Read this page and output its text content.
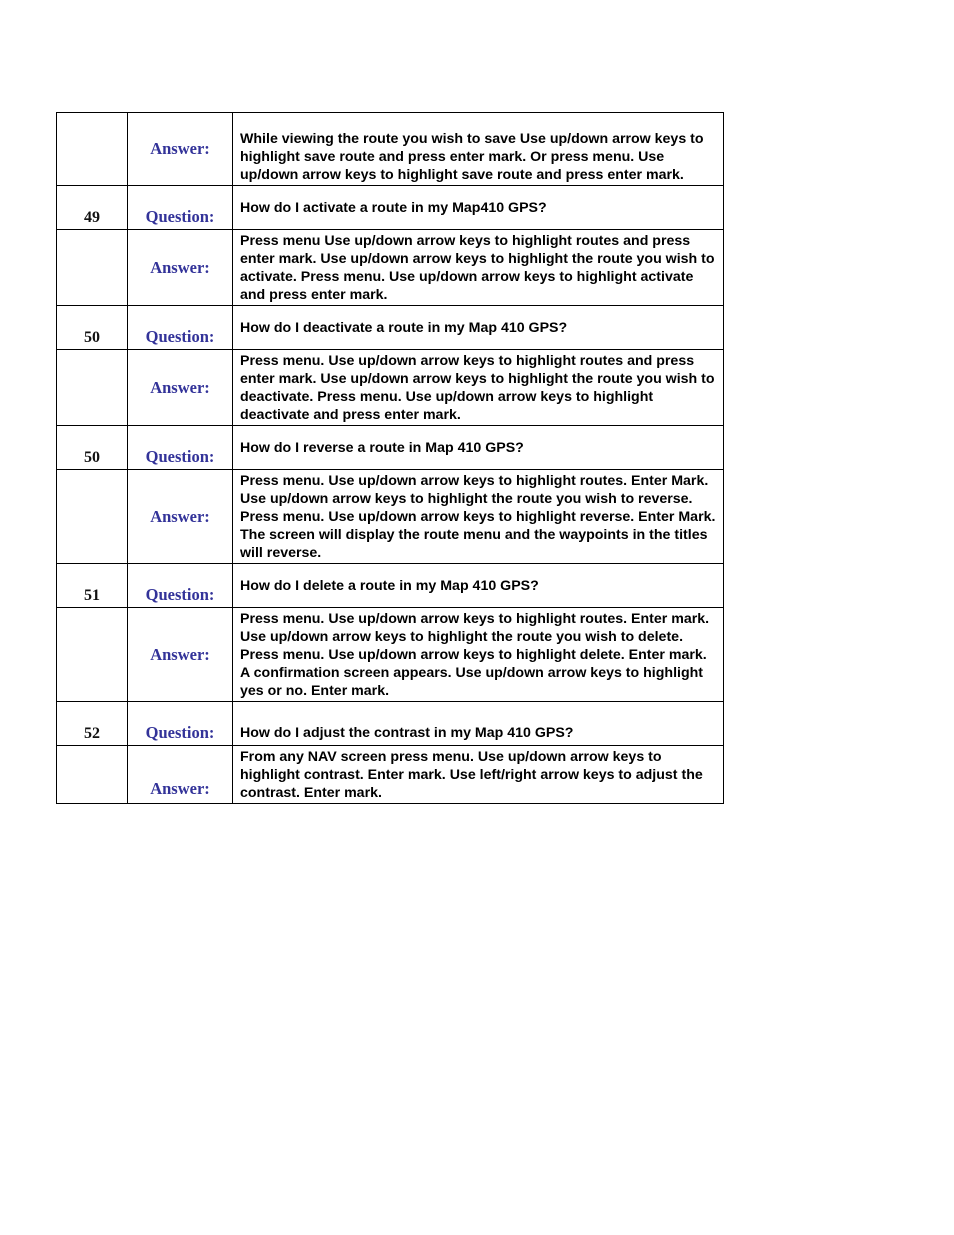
	Answer:	While viewing the route you wish to save Use up/down arrow keys to highlight save route and press enter mark. Or press menu. Use up/down arrow keys to highlight save route and press enter mark.
49	Question:	How do I activate a route in my Map410 GPS?
	Answer:	Press menu Use up/down arrow keys to highlight routes and press enter mark. Use up/down arrow keys to highlight the route you wish to activate. Press menu. Use up/down arrow keys to highlight activate and press enter mark.
50	Question:	How do I deactivate a route in my Map 410 GPS?
	Answer:	Press menu. Use up/down arrow keys to highlight routes and press enter mark. Use up/down arrow keys to highlight the route you wish to deactivate. Press menu. Use up/down arrow keys to highlight deactivate and press enter mark.
50	Question:	How do I reverse a route in Map 410 GPS?
	Answer:	Press menu. Use up/down arrow keys to highlight routes. Enter Mark. Use up/down arrow keys to highlight the route you wish to reverse. Press menu. Use up/down arrow keys to highlight reverse. Enter Mark. The screen will display the route menu and the waypoints in the titles will reverse.
51	Question:	How do I delete a route in my Map 410 GPS?
	Answer:	Press menu. Use up/down arrow keys to highlight routes. Enter mark. Use up/down arrow keys to highlight the route you wish to delete. Press menu. Use up/down arrow keys to highlight delete. Enter mark. A confirmation screen appears. Use up/down arrow keys to highlight yes or no. Enter mark.
52	Question:	How do I adjust the contrast in my Map 410 GPS?
	Answer:	From any NAV screen press menu. Use up/down arrow keys to highlight contrast. Enter mark. Use left/right arrow keys to adjust the contrast. Enter mark.
